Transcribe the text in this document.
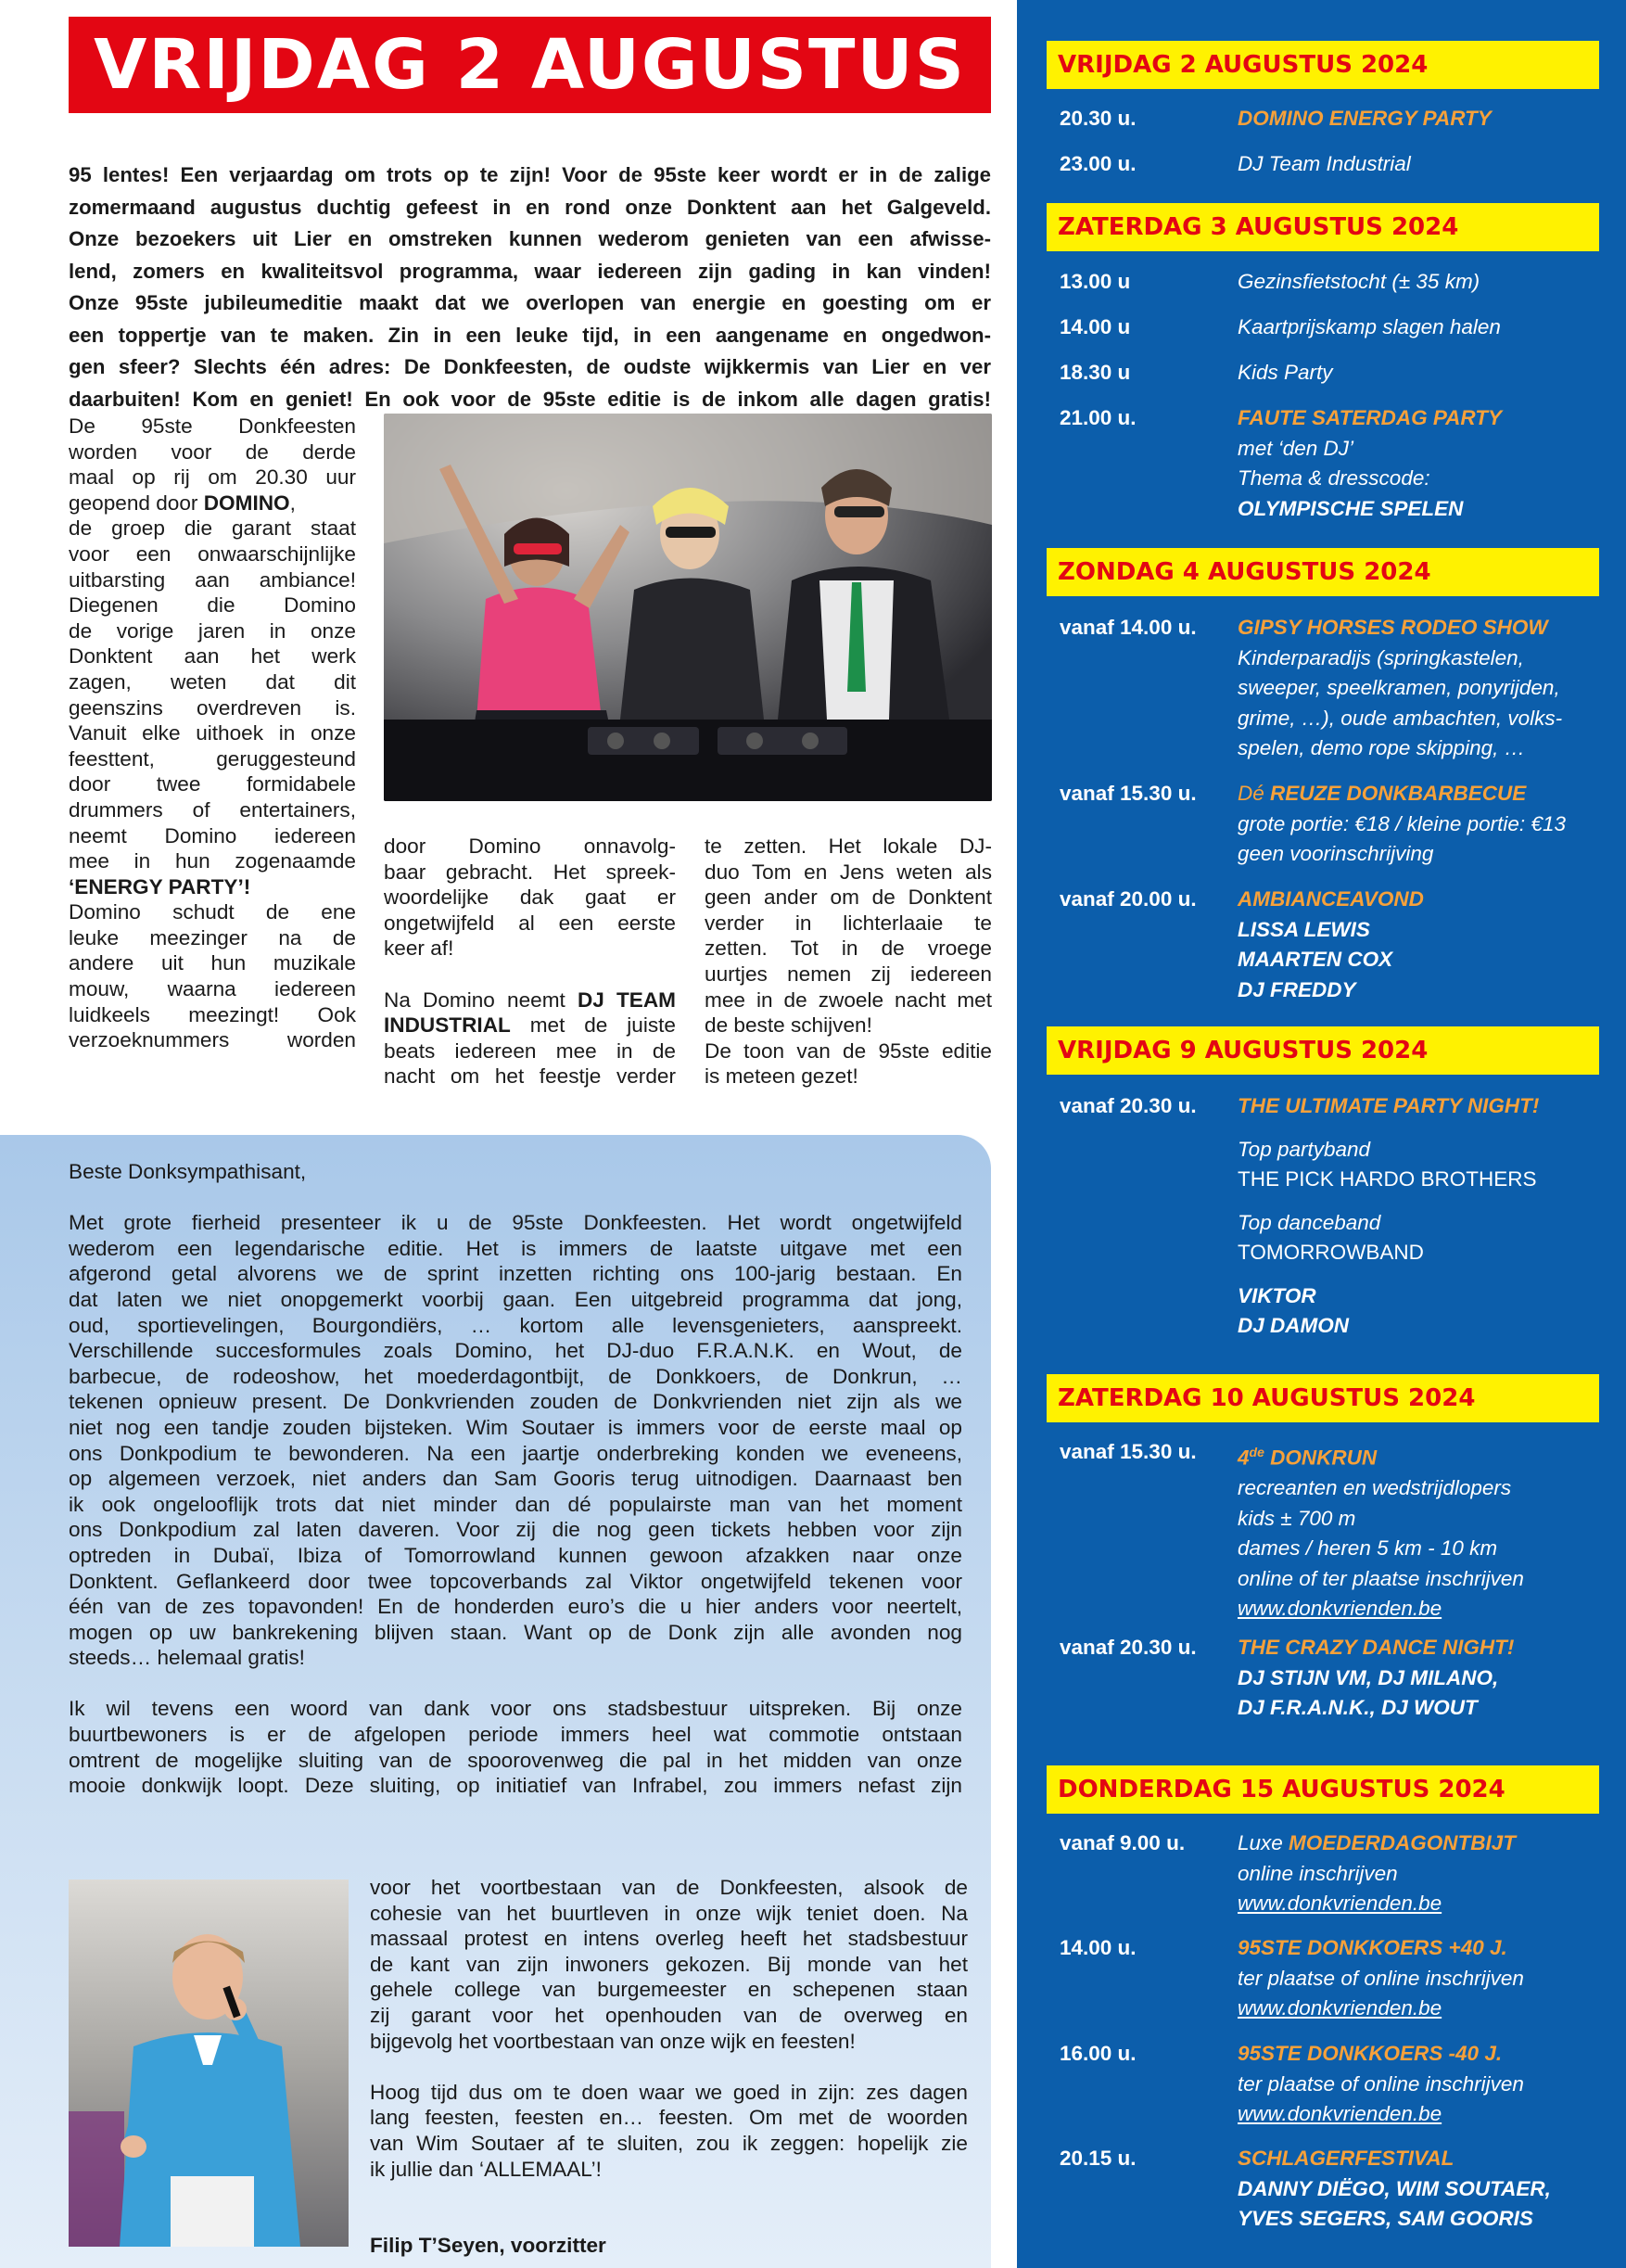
VRIJDAG 2 AUGUSTUS
95 lentes! Een verjaardag om trots op te zijn! Voor de 95ste keer wordt er in de zalige
zomermaand augustus duchtig gefeest in en rond onze Donktent aan het Galgeveld.
Onze bezoekers uit Lier en omstreken kunnen wederom genieten van een afwisse-
lend, zomers en kwaliteitsvol programma, waar iedereen zijn gading in kan vinden!
Onze 95ste jubileumeditie maakt dat we overlopen van energie en goesting om er
een toppertje van te maken. Zin in een leuke tijd, in een aangename en ongedwon-
gen sfeer? Slechts één adres: De Donkfeesten, de oudste wijkkermis van Lier en ver
daarbuiten! Kom en geniet! En ook voor de 95ste editie is de inkom alle dagen gratis!
De 95ste Donkfeesten
worden voor de derde
maal op rij om 20.30 uur
geopend door DOMINO,
de groep die garant staat
voor een onwaarschijnlijke
uitbarsting aan ambiance!
Diegenen die Domino
de vorige jaren in onze
Donktent aan het werk
zagen, weten dat dit
geenszins overdreven is.
Vanuit elke uithoek in onze
feesttent, geruggesteund
door twee formidabele
drummers of entertainers,
neemt Domino iedereen
mee in hun zogenaamde
‘ENERGY PARTY’!
Domino schudt de ene
leuke meezinger na de
andere uit hun muzikale
mouw, waarna iedereen
luidkeels meezingt! Ook
verzoeknummers worden
door Domino onnavolg-
baar gebracht. Het spreek-
woordelijke dak gaat er
ongetwijfeld al een eerste
keer af!
Na Domino neemt DJ TEAM
INDUSTRIAL met de juiste
beats iedereen mee in de
nacht om het feestje verder
te zetten. Het lokale DJ-
duo Tom en Jens weten als
geen ander om de Donktent
verder in lichterlaaie te
zetten. Tot in de vroege
uurtjes nemen zij iedereen
mee in de zwoele nacht met
de beste schijven!
De toon van de 95ste editie
is meteen gezet!
Beste Donksympathisant,
Met grote fierheid presenteer ik u de 95ste Donkfeesten. Het wordt ongetwijfeld
wederom een legendarische editie. Het is immers de laatste uitgave met een
afgerond getal alvorens we de sprint inzetten richting ons 100-jarig bestaan. En
dat laten we niet onopgemerkt voorbij gaan. Een uitgebreid programma dat jong,
oud, sportievelingen, Bourgondiërs, … kortom alle levensgenieters, aanspreekt.
Verschillende succesformules zoals Domino, het DJ-duo F.R.A.N.K. en Wout, de
barbecue, de rodeoshow, het moederdagontbijt, de Donkkoers, de Donkrun, …
tekenen opnieuw present. De Donkvrienden zouden de Donkvrienden niet zijn als we
niet nog een tandje zouden bijsteken. Wim Soutaer is immers voor de eerste maal op
ons Donkpodium te bewonderen. Na een jaartje onderbreking konden we eveneens,
op algemeen verzoek, niet anders dan Sam Gooris terug uitnodigen. Daarnaast ben
ik ook ongelooflijk trots dat niet minder dan dé populairste man van het moment
ons Donkpodium zal laten daveren. Voor zij die nog geen tickets hebben voor zijn
optreden in Dubaï, Ibiza of Tomorrowland kunnen gewoon afzakken naar onze
Donktent. Geflankeerd door twee topcoverbands zal Viktor ongetwijfeld tekenen voor
één van de zes topavonden! En de honderden euro’s die u hier anders voor neertelt,
mogen op uw bankrekening blijven staan. Want op de Donk zijn alle avonden nog
steeds… helemaal gratis!
Ik wil tevens een woord van dank voor ons stadsbestuur uitspreken. Bij onze
buurtbewoners is er de afgelopen periode immers heel wat commotie ontstaan
omtrent de mogelijke sluiting van de spoorovenweg die pal in het midden van onze
mooie donkwijk loopt. Deze sluiting, op initiatief van Infrabel, zou immers nefast zijn
voor het voortbestaan van de Donkfeesten, alsook de
cohesie van het buurtleven in onze wijk teniet doen. Na
massaal protest en intens overleg heeft het stadsbestuur
de kant van zijn inwoners gekozen. Bij monde van het
gehele college van burgemeester en schepenen staan
zij garant voor het openhouden van de overweg en
bijgevolg het voortbestaan van onze wijk en feesten!
Hoog tijd dus om te doen waar we goed in zijn: zes dagen
lang feesten, feesten en… feesten. Om met de woorden
van Wim Soutaer af te sluiten, zou ik zeggen: hopelijk zie
ik jullie dan ‘ALLEMAAL’!
Filip T’Seyen, voorzitter
VRIJDAG 2 AUGUSTUS 2024
20.30 u.	DOMINO ENERGY PARTY
23.00 u.	DJ Team Industrial
ZATERDAG 3 AUGUSTUS 2024
13.00 u	Gezinsfietstocht (± 35 km)
14.00 u	Kaartprijskamp slagen halen
18.30 u	Kids Party
21.00 u.	FAUTE SATERDAG PARTY
met ‘den DJ’
Thema & dresscode:
OLYMPISCHE SPELEN
ZONDAG 4 AUGUSTUS 2024
vanaf 14.00 u. GIPSY HORSES RODEO SHOW
Kinderparadijs (springkastelen,
sweeper, speelkramen, ponyrijden,
grime, …), oude ambachten, volks-
spelen, demo rope skipping, …
vanaf 15.30 u. Dé REUZE DONKBARBECUE
grote portie: €18 / kleine portie: €13
geen voorinschrijving
vanaf 20.00 u. AMBIANCEAVOND
LISSA LEWIS
MAARTEN COX
DJ FREDDY
VRIJDAG 9 AUGUSTUS 2024
vanaf 20.30 u. THE ULTIMATE PARTY NIGHT!
Top partyband
THE PICK HARDO BROTHERS
Top danceband
TOMORROWBAND
VIKTOR
DJ DAMON
ZATERDAG 10 AUGUSTUS 2024
vanaf 15.30 u. 4de DONKRUN
recreanten en wedstrijdlopers
kids ± 700 m
dames / heren 5 km - 10 km
online of ter plaatse inschrijven
www.donkvrienden.be
vanaf 20.30 u. THE CRAZY DANCE NIGHT!
DJ STIJN VM, DJ MILANO,
DJ F.R.A.N.K., DJ WOUT
DONDERDAG 15 AUGUSTUS 2024
vanaf 9.00 u.	Luxe MOEDERDAGONTBIJT
online inschrijven
www.donkvrienden.be
14.00 u.	95STE DONKKOERS +40 J.
ter plaatse of online inschrijven
www.donkvrienden.be
16.00 u.	95STE DONKKOERS -40 J.
ter plaatse of online inschrijven
www.donkvrienden.be
20.15 u.	SCHLAGERFESTIVAL
DANNY DIËGO, WIM SOUTAER,
YVES SEGERS, SAM GOORIS
